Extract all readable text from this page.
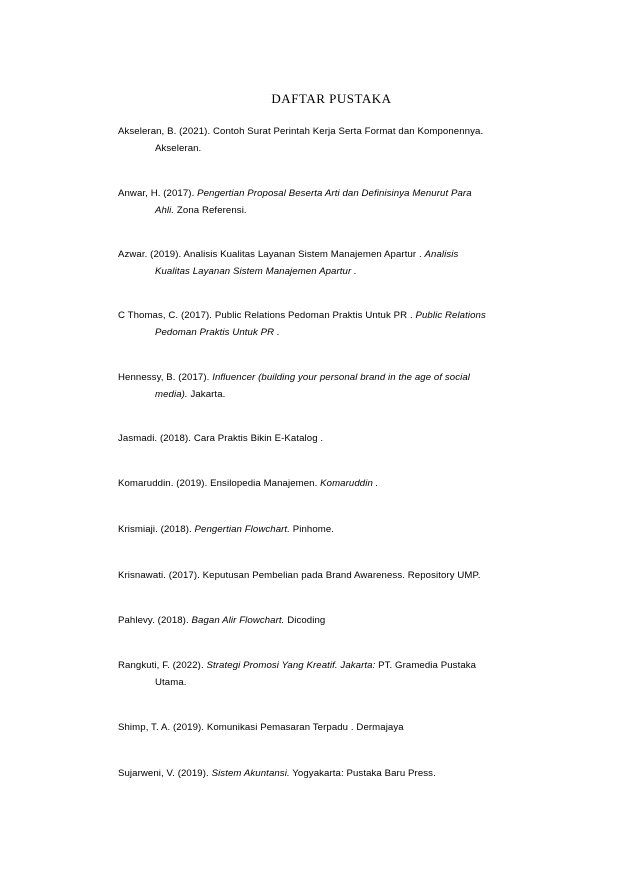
DAFTAR PUSTAKA
Akseleran, B. (2021). Contoh Surat Perintah Kerja Serta Format dan Komponennya.
Akseleran.
Anwar, H. (2017). Pengertian Proposal Beserta Arti dan Definisinya Menurut Para
Ahli. Zona Referensi.
Azwar. (2019). Analisis Kualitas Layanan Sistem Manajemen Apartur . Analisis
Kualitas Layanan Sistem Manajemen Apartur .
C Thomas, C. (2017). Public Relations Pedoman Praktis Untuk PR . Public Relations
Pedoman Praktis Untuk PR .
Hennessy, B. (2017). Influencer (building your personal brand in the age of social
media). Jakarta.
Jasmadi. (2018). Cara Praktis Bikin E-Katalog .
Komaruddin. (2019). Ensilopedia Manajemen. Komaruddin .
Krismiaji. (2018). Pengertian Flowchart. Pinhome.
Krisnawati. (2017). Keputusan Pembelian pada Brand Awareness. Repository UMP.
Pahlevy. (2018). Bagan Alir Flowchart. Dicoding
Rangkuti, F. (2022). Strategi Promosi Yang Kreatif. Jakarta: PT. Gramedia Pustaka
Utama.
Shimp, T. A. (2019). Komunikasi Pemasaran Terpadu . Dermajaya
Sujarweni, V. (2019). Sistem Akuntansi. Yogyakarta: Pustaka Baru Press.
